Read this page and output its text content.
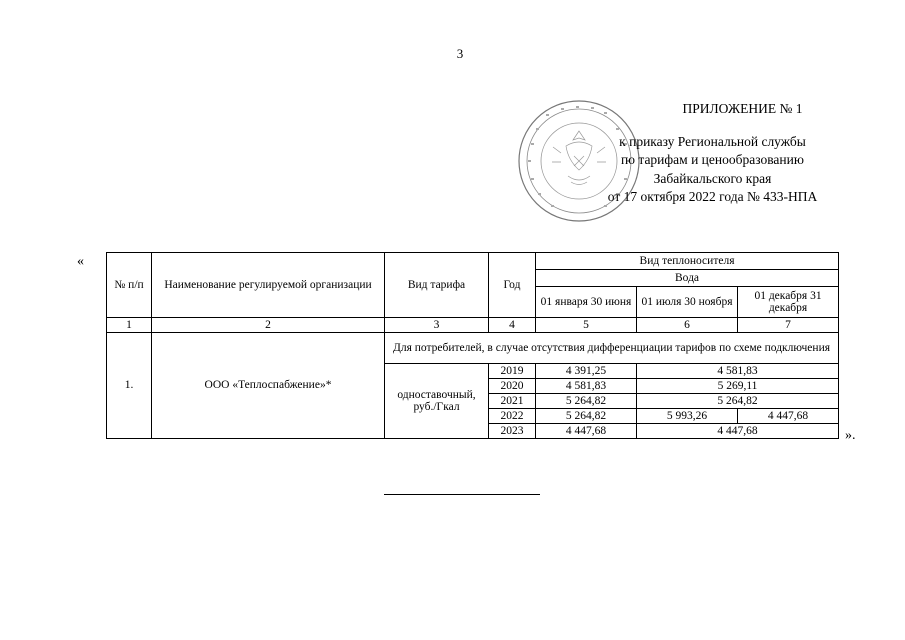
3
ПРИЛОЖЕНИЕ № 1
к приказу Региональной службы
по тарифам и ценообразованию
Забайкальского края
от 17 октября 2022 года № 433-НПА
«
№ п/п	Наименование регулируемой организации	Вид тарифа	Год	Вид теплоносителя		
				Вода		
				01 января 30 июня	01 июля 30 ноября	01 декабря 31 декабря
1	2	3	4	5	6	7
1.	ООО «Теплоспабжение»*	Для потребителей, в случае отсутствия дифференциации тарифов по схеме подключения				
		одноставочный, руб./Гкал	2019	4 391,25	4 581,83	
			2020	4 581,83	5 269,11	
			2021	5 264,82	5 264,82	
			2022	5 264,82	5 993,26	4 447,68
			2023	4 447,68	4 447,68		».
